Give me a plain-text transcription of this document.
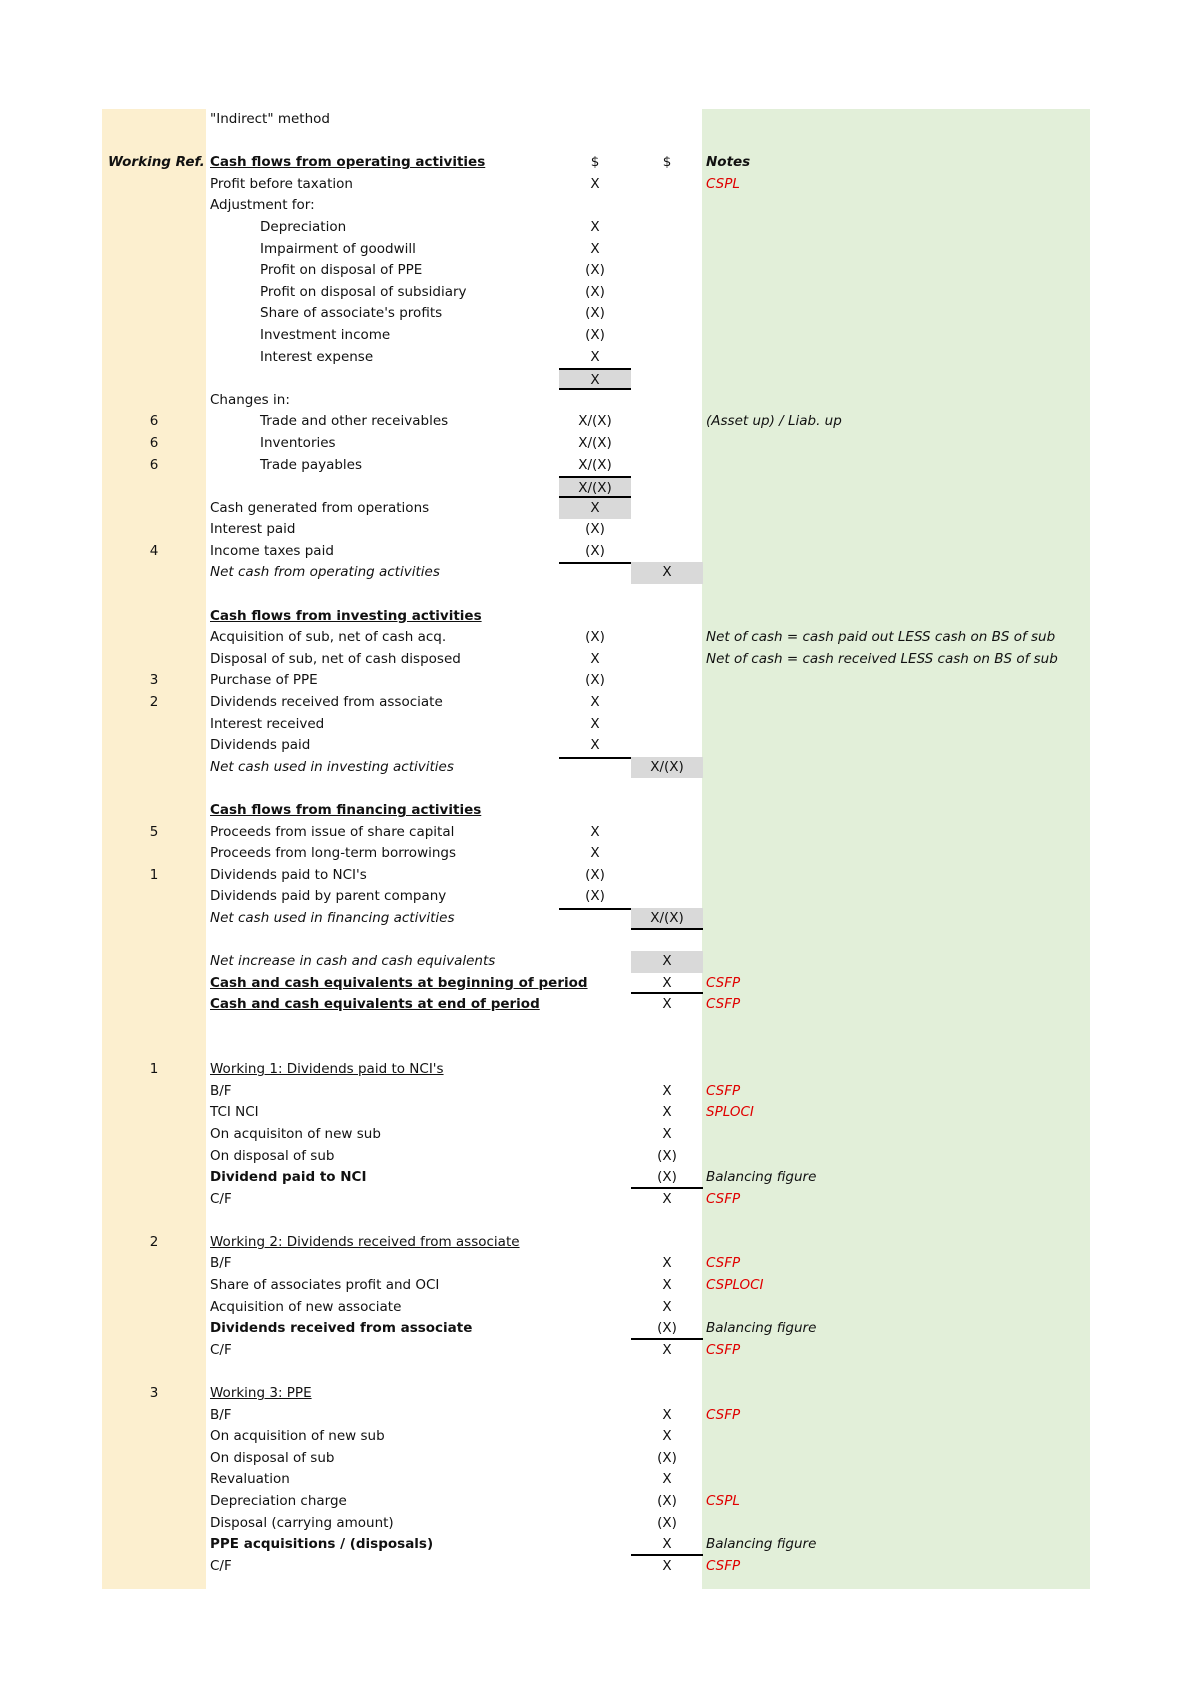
"Indirect" method
Working Ref. Cash flows from operating activities	$	$	Notes
Profit before taxation	X	CSPL
Adjustment for:
Depreciation	X
Impairment of goodwill	X
Profit on disposal of PPE	(X)
Profit on disposal of subsidiary	(X)
Share of associate's profits	(X)
Investment income	(X)
Interest expense	X
X
Changes in:
6	Trade and other receivables	X/(X)	(Asset up) / Liab. up
6	Inventories	X/(X)
6	Trade payables	X/(X)
X/(X)
Cash generated from operations	X
Interest paid	(X)
4	Income taxes paid	(X)
Net cash from operating activities	X
Cash flows from investing activities
Acquisition of sub, net of cash acq.	(X)	Net of cash = cash paid out LESS cash on BS of sub
Disposal of sub, net of cash disposed	X	Net of cash = cash received LESS cash on BS of sub
3	Purchase of PPE	(X)
2	Dividends received from associate	X
Interest received	X
Dividends paid	X
Net cash used in investing activities	X/(X)
Cash flows from financing activities
5	Proceeds from issue of share capital	X
Proceeds from long-term borrowings	X
1	Dividends paid to NCI's	(X)
Dividends paid by parent company	(X)
Net cash used in financing activities	X/(X)
Net increase in cash and cash equivalents	X
Cash and cash equivalents at beginning of period	X	CSFP
Cash and cash equivalents at end of period	X	CSFP
1	Working 1: Dividends paid to NCI's
B/F	X	CSFP
TCI NCI	X	SPLOCI
On acquisiton of new sub	X
On disposal of sub	(X)
Dividend paid to NCI	(X)	Balancing figure
C/F	X	CSFP
2	Working 2: Dividends received from associate
B/F	X	CSFP
Share of associates profit and OCI	X	CSPLOCI
Acquisition of new associate	X
Dividends received from associate	(X)	Balancing figure
C/F	X	CSFP
3	Working 3: PPE
B/F	X	CSFP
On acquisition of new sub	X
On disposal of sub	(X)
Revaluation	X
Depreciation charge	(X)	CSPL
Disposal (carrying amount)	(X)
PPE acquisitions / (disposals)	X	Balancing figure
C/F	X	CSFP
